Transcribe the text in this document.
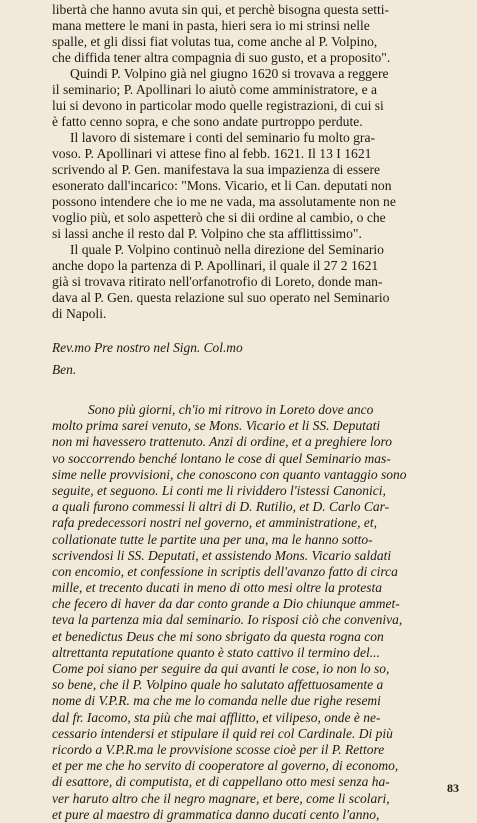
libertà che hanno avuta sin qui, et perchè bisogna questa setti-
mana mettere le mani in pasta, hieri sera io mi strinsi nelle
spalle, et gli dissi fiat volutas tua, come anche al P. Volpino,
che diffida tener altra compagnia di suo gusto, et a proposito".
Quindi P. Volpino già nel giugno 1620 si trovava a reggere
il seminario; P. Apollinari lo aiutò come amministratore, e a
lui si devono in particolar modo quelle registrazioni, di cui si
è fatto cenno sopra, e che sono andate purtroppo perdute.
Il lavoro di sistemare i conti del seminario fu molto gra-
voso. P. Apollinari vi attese fino al febb. 1621. Il 13 I 1621
scrivendo al P. Gen. manifestava la sua impazienza di essere
esonerato dall'incarico: "Mons. Vicario, et li Can. deputati non
possono intendere che io me ne vada, ma assolutamente non ne
voglio più, et solo aspetterò che si dii ordine al cambio, o che
si lassi anche il resto dal P. Volpino che sta afflittissimo".
Il quale P. Volpino continuò nella direzione del Seminario
anche dopo la partenza di P. Apollinari, il quale il 27 2 1621
già si trovava ritirato nell'orfanotrofio di Loreto, donde man-
dava al P. Gen. questa relazione sul suo operato nel Seminario
di Napoli.
Rev.mo Pre nostro nel Sign. Col.mo
Ben.
Sono più giorni, ch'io mi ritrovo in Loreto dove anco
molto prima sarei venuto, se Mons. Vicario et li SS. Deputati
non mi havessero trattenuto. Anzi di ordine, et a preghiere loro
vo soccorrendo benché lontano le cose di quel Seminario mas-
sime nelle provvisioni, che conoscono con quanto vantaggio sono
seguite, et seguono. Li conti me li rividdero l'istessi Canonici,
a quali furono commessi li altri di D. Rutilio, et D. Carlo Car-
rafa predecessori nostri nel governo, et amministratione, et,
collationate tutte le partite una per una, ma le hanno sotto-
scrivendosi li SS. Deputati, et assistendo Mons. Vicario saldati
con encomio, et confessione in scriptis dell'avanzo fatto di circa
mille, et trecento ducati in meno di otto mesi oltre la protesta
che fecero di haver da dar conto grande a Dio chiunque ammet-
teva la partenza mia dal seminario. Io risposi ciò che conveniva,
et benedictus Deus che mi sono sbrigato da questa rogna con
altrettanta reputatione quanto è stato cattivo il termino del...
Come poi siano per seguire da qui avanti le cose, io non lo so,
so bene, che il P. Volpino quale ho salutato affettuosamente a
nome di V.P.R. ma che me lo comanda nelle due righe resemi
dal fr. Iacomo, sta più che mai afflitto, et vilipeso, onde è ne-
cessario intendersi et stipulare il quid rei col Cardinale. Di più
ricordo a V.P.R.ma le provvisione scosse cioè per il P. Rettore
et per me che ho servito di cooperatore al governo, di economo,
di esattore, di computista, et di cappellano otto mesi senza ha-
ver haruto altro che il negro magnare, et bere, come li scolari,
et pure al maestro di grammatica danno ducati cento l'anno,
83
